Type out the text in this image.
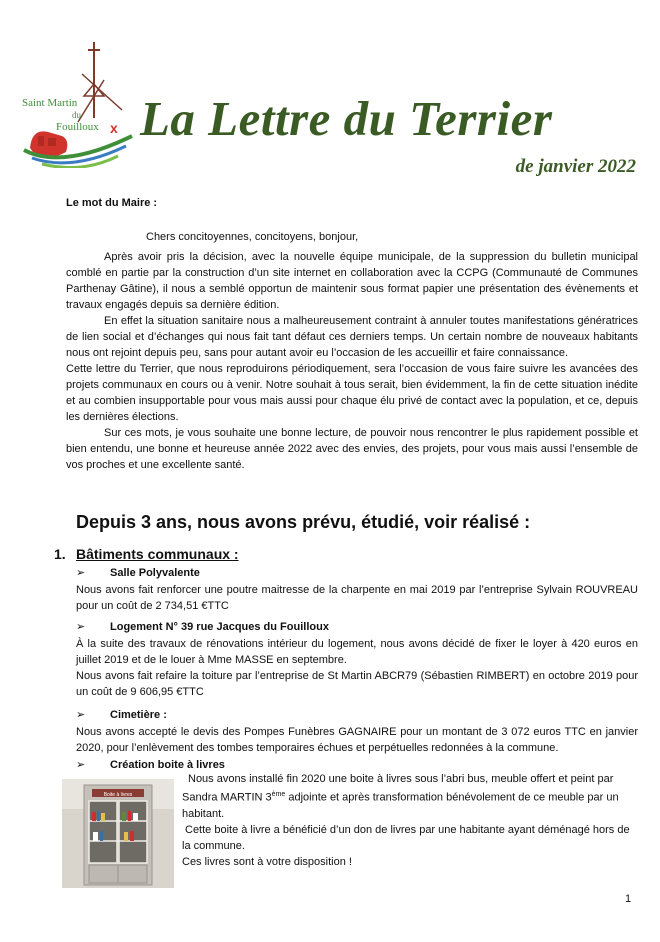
Saint Martin
du
Fouilloux x La Lettre du Terrier
de janvier 2022
Le mot du Maire :
Chers concitoyennes, concitoyens, bonjour,

Après avoir pris la décision, avec la nouvelle équipe municipale, de la suppression du bulletin municipal comblé en partie par la construction d’un site internet en collaboration avec la CCPG (Communauté de Communes Parthenay Gâtine), il nous a semblé opportun de maintenir sous format papier une présentation des évènements et travaux engagés depuis sa dernière édition.

En effet la situation sanitaire nous a malheureusement contraint à annuler toutes manifestations génératrices de lien social et d’échanges qui nous fait tant défaut ces derniers temps. Un certain nombre de nouveaux habitants nous ont rejoint depuis peu, sans pour autant avoir eu l’occasion de les accueillir et faire connaissance.

Cette lettre du Terrier, que nous reproduirons périodiquement, sera l’occasion de vous faire suivre les avancées des projets communaux en cours ou à venir. Notre souhait à tous serait, bien évidemment, la fin de cette situation inédite et au combien insupportable pour vous mais aussi pour chaque élu privé de contact avec la population, et ce, depuis les dernières élections.

Sur ces mots, je vous souhaite une bonne lecture, de pouvoir nous rencontrer le plus rapidement possible et bien entendu, une bonne et heureuse année 2022 avec des envies, des projets, pour vous mais aussi l’ensemble de vos proches et une excellente santé.

Depuis 3 ans, nous avons prévu, étudié, voir réalisé :
1. Bâtiments communaux :
➢ Salle Polyvalente
Nous avons fait renforcer une poutre maitresse de la charpente en mai 2019 par l’entreprise Sylvain ROUVREAU pour un coût de 2 734,51 €TTC
➢ Logement N° 39 rue Jacques du Fouilloux

À la suite des travaux de rénovations intérieur du logement, nous avons décidé de fixer le loyer à 420 euros en juillet 2019 et de le louer à Mme MASSE en septembre.

Nous avons fait refaire la toiture par l’entreprise de St Martin ABCR79 (Sébastien RIMBERT) en octobre 2019 pour un coût de 9 606,95 €TTC

➢ Cimetière :
Nous avons accepté le devis des Pompes Funèbres GAGNAIRE pour un montant de 3 072 euros TTC en janvier 2020, pour l’enlèvement des tombes temporaires échues et perpétuelles redonnées à la commune.
➢ Création boite à livres
Boite à livres

Nous avons installé fin 2020 une boite à livres sous l’abri bus, meuble offert et peint par Sandra MARTIN 3ème adjointe et après transformation bénévolement de ce meuble par un habitant.

Cette boite à livre a bénéficié d’un don de livres par une habitante ayant déménagé hors de la commune.

Ces livres sont à votre disposition !

1
